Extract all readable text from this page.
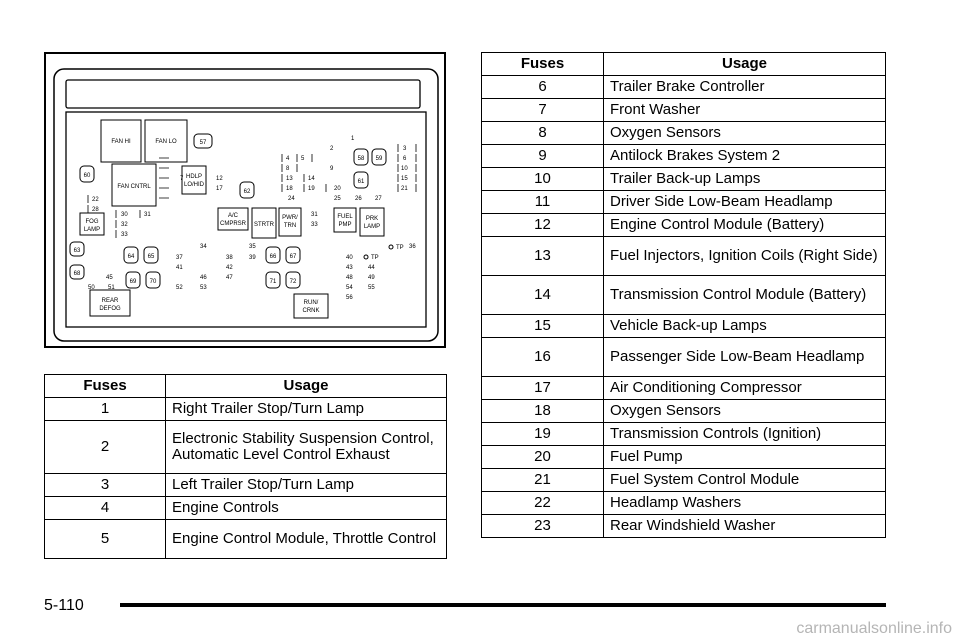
FAN HI	FAN LO
FAN CNTRL
HDLP
LO/HID
FOG
LAMP
A/C
CMPRSR STRTR
PWR/
TRN
FUEL
PMP
PRK
LAMP
REAR
DEFOG
RUN/
CRNK
TP
TP
57
58 59
60
61
62
63
64 65	66 67
68
69 70	71 72
1
2	3
4 5	6
8	9	10
12	13	14	15
17	18	19	20	21
22	24	25 26 27
28
30	31
32
31
33
33
34	35	36
37	38	39	40
41	42	43	44
45	46	47	48	49
50 51	52	53	54	55
56
7
Fuses	Usage
1	Right Trailer Stop/Turn Lamp
2	Electronic Stability Suspension Control, Automatic Level Control Exhaust
3	Left Trailer Stop/Turn Lamp
4	Engine Controls
5	Engine Control Module, Throttle Control
Fuses	Usage
6	Trailer Brake Controller
7	Front Washer
8	Oxygen Sensors
9	Antilock Brakes System 2
10	Trailer Back-up Lamps
11	Driver Side Low-Beam Headlamp
12	Engine Control Module (Battery)
13	Fuel Injectors, Ignition Coils (Right Side)
14	Transmission Control Module (Battery)
15	Vehicle Back-up Lamps
16	Passenger Side Low-Beam Headlamp
17	Air Conditioning Compressor
18	Oxygen Sensors
19	Transmission Controls (Ignition)
20	Fuel Pump
21	Fuel System Control Module
22	Headlamp Washers
23	Rear Windshield Washer
5-110
carmanualsonline.info
